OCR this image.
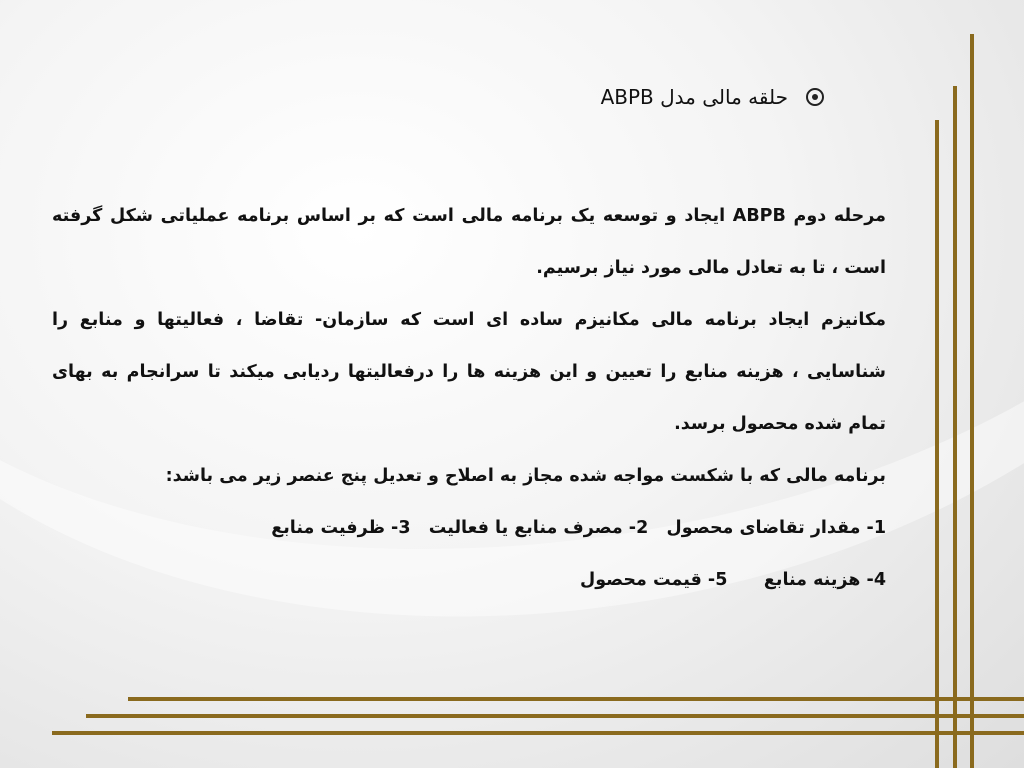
حلقه مالی مدل ABPB

مرحله دوم ABPB ایجاد و توسعه یک برنامه مالی است که بر اساس برنامه عملیاتی شکل گرفته است ، تا به تعادل مالی مورد نیاز برسیم.

مکانیزم ایجاد برنامه مالی مکانیزم ساده ای است که سازمان- تقاضا ، فعالیتها و منابع را شناسایی ، هزینه منابع را تعیین و این هزینه ها را درفعالیتها ردیابی میکند تا سرانجام به بهای تمام شده محصول برسد.

برنامه مالی که با شکست مواجه شده مجاز به اصلاح و تعدیل پنج عنصر زیر می باشد:

1- مقدار تقاضای محصول   2- مصرف منابع یا فعالیت   3- ظرفیت منابع

4- هزینه منابع      5- قیمت محصول
